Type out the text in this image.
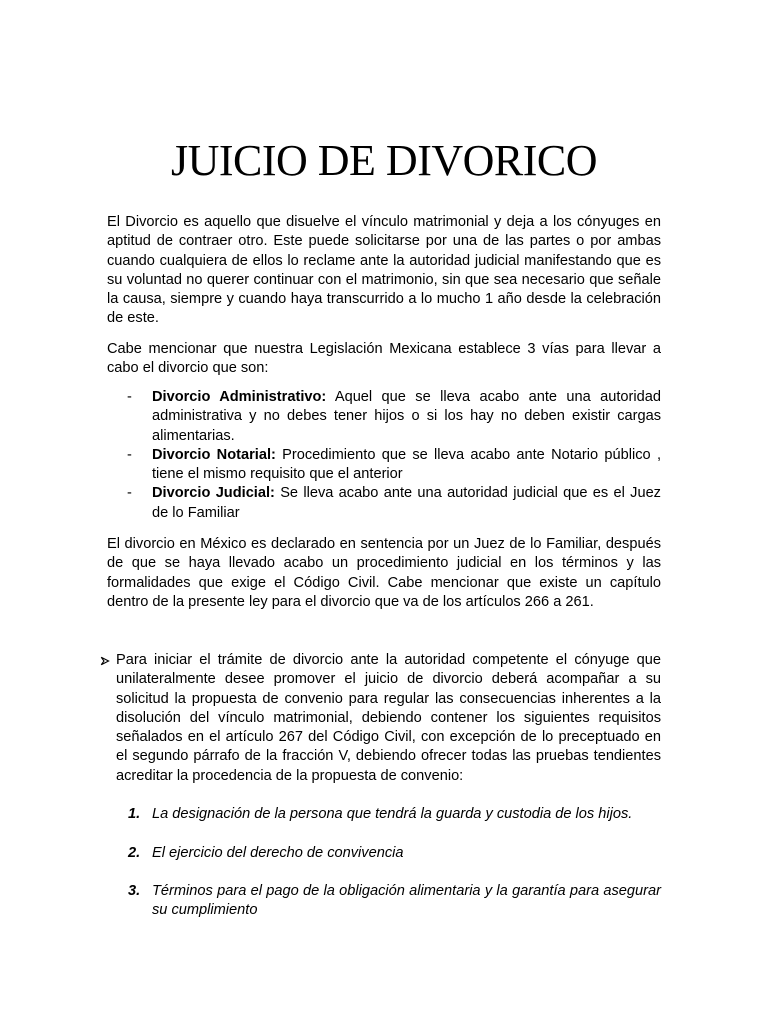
JUICIO DE DIVORICO

El Divorcio es aquello que disuelve el vínculo matrimonial y deja a los cónyuges en aptitud de contraer otro. Este puede solicitarse por una de las partes o por ambas cuando cualquiera de ellos lo reclame ante la autoridad judicial manifestando que es su voluntad no querer continuar con el matrimonio, sin que sea necesario que señale la causa, siempre y cuando haya transcurrido a lo mucho 1 año desde la celebración de este.

Cabe mencionar que nuestra Legislación Mexicana establece 3 vías para llevar a cabo el divorcio que son:

- Divorcio Administrativo: Aquel que se lleva acabo ante una autoridad administrativa y no debes tener hijos o si los hay no deben existir cargas alimentarias.
- Divorcio Notarial: Procedimiento que se lleva acabo ante Notario público , tiene el mismo requisito que el anterior
- Divorcio Judicial: Se lleva acabo ante una autoridad judicial que es el Juez de lo Familiar

El divorcio en México es declarado en sentencia por un Juez de lo Familiar, después de que se haya llevado acabo un procedimiento judicial en los términos y las formalidades que exige el Código Civil. Cabe mencionar que existe un capítulo dentro de la presente ley para el divorcio que va de los artículos 266 a 261.

Para iniciar el trámite de divorcio ante la autoridad competente el cónyuge que unilateralmente desee promover el juicio de divorcio deberá acompañar a su solicitud la propuesta de convenio para regular las consecuencias inherentes a la disolución del vínculo matrimonial, debiendo contener los siguientes requisitos señalados en el artículo 267 del Código Civil, con excepción de lo preceptuado en el segundo párrafo de la fracción V, debiendo ofrecer todas las pruebas tendientes acreditar la procedencia de la propuesta de convenio:

1. La designación de la persona que tendrá la guarda y custodia de los hijos.
2. El ejercicio del derecho de convivencia
3. Términos para el pago de la obligación alimentaria y la garantía para asegurar su cumplimiento
